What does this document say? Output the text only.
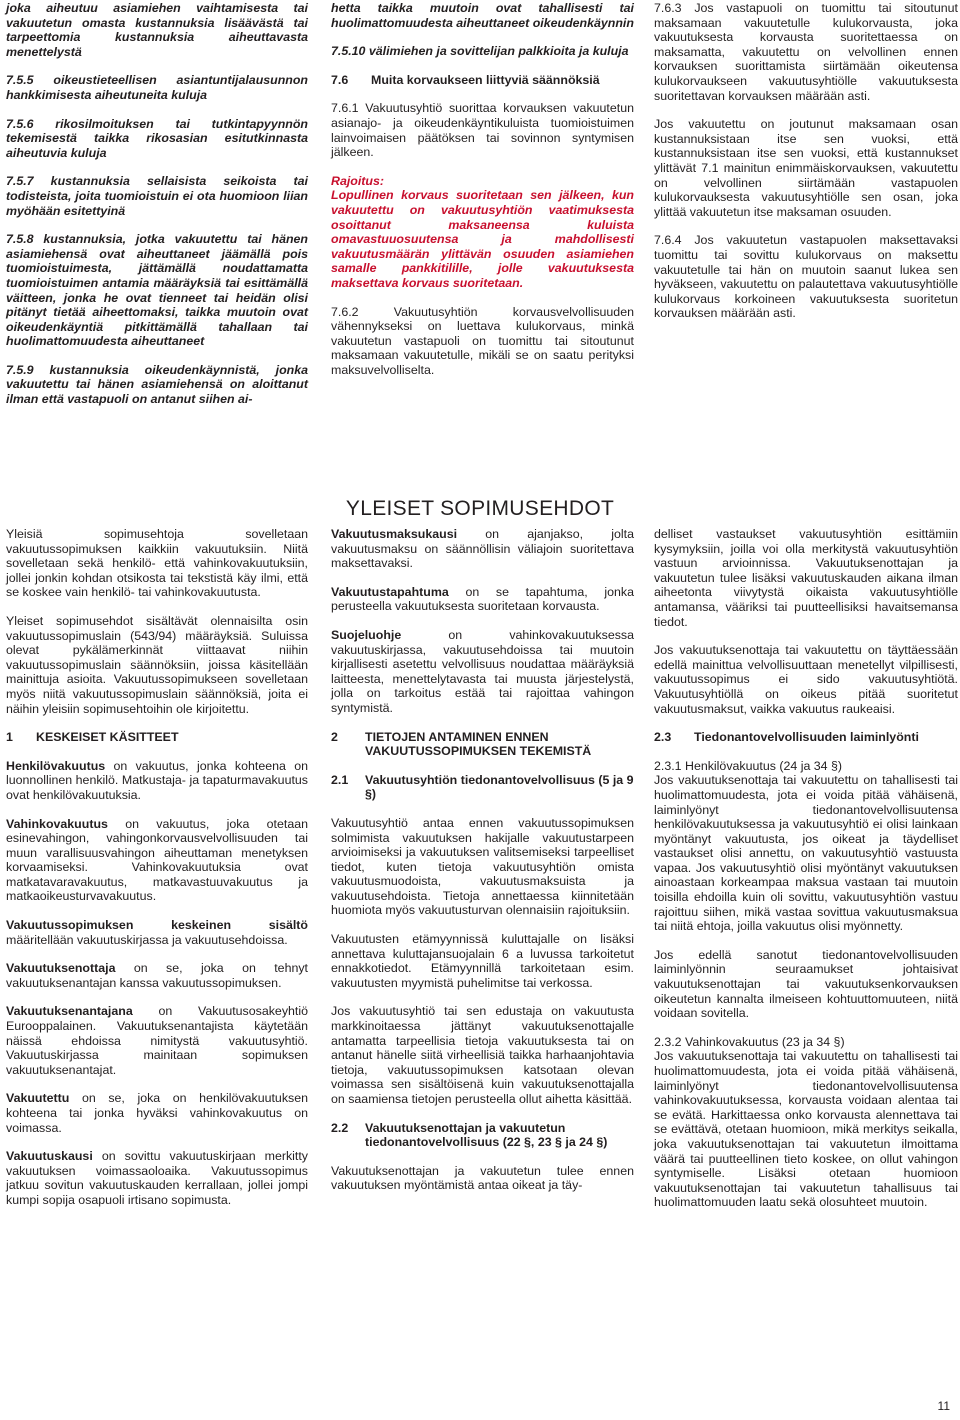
joka aiheutuu asiamiehen vaihtamisesta tai vakuutetun omasta kustannuksia lisäävästä tai tarpeettomia kustannuksia aiheuttavasta menettelystä

7.5.5 oikeustieteellisen asiantuntijalausunnon hankkimisesta aiheutuneita kuluja

7.5.6 rikosilmoituksen tai tutkintapyynnön tekemisestä taikka rikosasian esitutkinnasta aiheutuvia kuluja

7.5.7 kustannuksia sellaisista seikoista tai todisteista, joita tuomioistuin ei ota huomioon liian myöhään esitettyinä

7.5.8 kustannuksia, jotka vakuutettu tai hänen asiamiehensä ovat aiheuttaneet jäämällä pois tuomioistuimesta, jättämällä noudattamatta tuomioistuimen antamia määräyksiä tai esittämällä väitteen, jonka he ovat tienneet tai heidän olisi pitänyt tietää aiheettomaksi, taikka muutoin ovat oikeudenkäyntiä pitkittämällä tahallaan tai huolimattomuudesta aiheuttaneet

7.5.9 kustannuksia oikeudenkäynnistä, jonka vakuutettu tai hänen asiamiehensä on aloittanut ilman että vastapuoli on antanut siihen ai-

hetta taikka muutoin ovat tahallisesti tai huolimattomuudesta aiheuttaneet oikeudenkäynnin

7.5.10 välimiehen ja sovittelijan palkkioita ja kuluja

7.6	Muita korvaukseen liittyviä säännöksiä

7.6.1 Vakuutusyhtiö suorittaa korvauksen vakuutetun asianajo- ja oikeudenkäyntikuluista tuomioistuimen lainvoimaisen päätöksen tai sovinnon syntymisen jälkeen.

Rajoitus:
Lopullinen korvaus suoritetaan sen jälkeen, kun vakuutettu on vakuutusyhtiön vaatimuksesta osoittanut maksaneensa kuluista omavastuuosuutensa ja mahdollisesti vakuutusmäärän ylittävän osuuden asiamiehen samalle pankkitilille, jolle vakuutuksesta maksettava korvaus suoritetaan.

7.6.2 Vakuutusyhtiön korvausvelvollisuuden vähennykseksi on luettava kulukorvaus, minkä vakuutetun vastapuoli on tuomittu tai sitoutunut maksamaan vakuutetulle, mikäli se on saatu perityksi maksuvelvolliselta.

7.6.3 Jos vastapuoli on tuomittu tai sitoutunut maksamaan vakuutetulle kulukorvausta, joka vakuutuksesta korvausta suoritettaessa on maksamatta, vakuutettu on velvollinen ennen korvauksen suorittamista siirtämään oikeutensa kulukorvaukseen vakuutusyhtiölle vakuutuksesta suoritettavan korvauksen määrään asti.

Jos vakuutettu on joutunut maksamaan osan kustannuksistaan itse sen vuoksi, että kustannuksistaan itse sen vuoksi, että kustannukset ylittävät 7.1 mainitun enimmäiskorvauksen, vakuutettu on velvollinen siirtämään vastapuolen kulukorvauksesta vakuutusyhtiölle sen osan, joka ylittää vakuutetun itse maksaman osuuden.

7.6.4 Jos vakuutetun vastapuolen maksettavaksi tuomittu tai sovittu kulukorvaus on maksettu vakuutetulle tai hän on muutoin saanut lukea sen hyväkseen, vakuutettu on palautettava vakuutusyhtiölle kulukorvaus korkoineen vakuutuksesta suoritetun korvauksen määrään asti.

YLEISET SOPIMUSEHDOT

Yleisiä sopimusehtoja sovelletaan vakuutussopimuksen kaikkiin vakuutuksiin. Niitä sovelletaan sekä henkilö- että vahinkovakuutuksiin, jollei jonkin kohdan otsikosta tai tekstistä käy ilmi, että se koskee vain henkilö- tai vahinkovakuutusta.

Yleiset sopimusehdot sisältävät olennaisilta osin vakuutussopimuslain (543/94) määräyksiä. Suluissa olevat pykälämerkinnät viittaavat niihin vakuutussopimuslain säännöksiin, joissa käsitellään mainittuja asioita. Vakuutussopimukseen sovelletaan myös niitä vakuutussopimuslain säännöksiä, joita ei näihin yleisiin sopimusehtoihin ole kirjoitettu.

1	KESKEISET KÄSITTEET

Henkilövakuutus on vakuutus, jonka kohteena on luonnollinen henkilö. Matkustaja- ja tapaturmavakuutus ovat henkilövakuutuksia.

Vahinkovakuutus on vakuutus, joka otetaan esinevahingon, vahingonkorvausvelvollisuuden tai muun varallisuusvahingon aiheuttaman menetyksen korvaamiseksi. Vahinkovakuutuksia ovat matkatavaravakuutus, matkavastuuvakuutus ja matkaoikeusturvavakuutus.

Vakuutussopimuksen keskeinen sisältö määritellään vakuutuskirjassa ja vakuutusehdoissa.

Vakuutuksenottaja on se, joka on tehnyt vakuutuksenantajan kanssa vakuutussopimuksen.

Vakuutuksenantajana on Vakuutusosakeyhtiö Eurooppalainen. Vakuutuksenantajista käytetään näissä ehdoissa nimitystä vakuutusyhtiö. Vakuutuskirjassa mainitaan sopimuksen vakuutuksenantajat.

Vakuutettu on se, joka on henkilövakuutuksen kohteena tai jonka hyväksi vahinkovakuutus on voimassa.

Vakuutuskausi on sovittu vakuutuskirjaan merkitty vakuutuksen voimassaoloaika. Vakuutussopimus jatkuu sovitun vakuutuskauden kerrallaan, jollei jompi kumpi sopija osapuoli irtisano sopimusta.

Vakuutusmaksukausi on ajanjakso, jolta vakuutusmaksu on säännöllisin väliajoin suoritettava maksettavaksi.

Vakuutustapahtuma on se tapahtuma, jonka perusteella vakuutuksesta suoritetaan korvausta.

Suojeluohje on vahinkovakuutuksessa vakuutuskirjassa, vakuutusehdoissa tai muutoin kirjallisesti asetettu velvollisuus noudattaa määräyksiä laitteesta, menettelytavasta tai muusta järjestelystä, jolla on tarkoitus estää tai rajoittaa vahingon syntymistä.

2	TIETOJEN ANTAMINEN ENNEN VAKUUTUSSOPIMUKSEN TEKEMISTÄ
2.1	Vakuutusyhtiön tiedonantovelvollisuus (5 ja 9 §)

Vakuutusyhtiö antaa ennen vakuutussopimuksen solmimista vakuutuksen hakijalle vakuutustarpeen arvioimiseksi ja vakuutuksen valitsemiseksi tarpeelliset tiedot, kuten tietoja vakuutusyhtiön omista vakuutusmuodoista, vakuutusmaksuista ja vakuutusehdoista. Tietoja annettaessa kiinnitetään huomiota myös vakuutusturvan olennaisiin rajoituksiin.

Vakuutusten etämyynnissä kuluttajalle on lisäksi annettava kuluttajansuojalain 6 a luvussa tarkoitetut ennakkotiedot. Etämyynnillä tarkoitetaan esim. vakuutusten myymistä puhelimitse tai verkossa.

Jos vakuutusyhtiö tai sen edustaja on vakuutusta markkinoitaessa jättänyt vakuutuksenottajalle antamatta tarpeellisia tietoja vakuutuksesta tai on antanut hänelle siitä virheellisiä taikka harhaanjohtavia tietoja, vakuutussopimuksen katsotaan olevan voimassa sen sisältöisenä kuin vakuutuksenottajalla on saamiensa tietojen perusteella ollut aihetta käsittää.

2.2	Vakuutuksenottajan ja vakuutetun tiedonantovelvollisuus (22 §, 23 § ja 24 §)

Vakuutuksenottajan ja vakuutetun tulee ennen vakuutuksen myöntämistä antaa oikeat ja täy-

delliset vastaukset vakuutusyhtiön esittämiin kysymyksiin, joilla voi olla merkitystä vakuutusyhtiön vastuun arvioinnissa. Vakuutuksenottajan ja vakuutetun tulee lisäksi vakuutuskauden aikana ilman aiheetonta viivytystä oikaista vakuutusyhtiölle antamansa, vääriksi tai puutteellisiksi havaitsemansa tiedot.

Jos vakuutuksenottaja tai vakuutettu on täyttäessään edellä mainittua velvollisuuttaan menetellyt vilpillisesti, vakuutussopimus ei sido vakuutusyhtiötä. Vakuutusyhtiöllä on oikeus pitää suoritetut vakuutusmaksut, vaikka vakuutus raukeaisi.

2.3	Tiedonantovelvollisuuden laiminlyönti

2.3.1 Henkilövakuutus (24 ja 34 §)
Jos vakuutuksenottaja tai vakuutettu on tahallisesti tai huolimattomuudesta, jota ei voida pitää vähäisenä, laiminlyönyt tiedonantovelvollisuutensa henkilövakuutuksessa ja vakuutusyhtiö ei olisi lainkaan myöntänyt vakuutusta, jos oikeat ja täydelliset vastaukset olisi annettu, on vakuutusyhtiö vastuusta vapaa. Jos vakuutusyhtiö olisi myöntänyt vakuutuksen ainoastaan korkeampaa maksua vastaan tai muutoin toisilla ehdoilla kuin oli sovittu, vakuutusyhtiön vastuu rajoittuu siihen, mikä vastaa sovittua vakuutusmaksua tai niitä ehtoja, joilla vakuutus olisi myönnetty.

Jos edellä sanotut tiedonantovelvollisuuden laiminlyönnin seuraamukset johtaisivat vakuutuksenottajan tai vakuutuksenkorvauksen oikeutetun kannalta ilmeiseen kohtuuttomuuteen, niitä voidaan sovitella.

2.3.2 Vahinkovakuutus (23 ja 34 §)
Jos vakuutuksenottaja tai vakuutettu on tahallisesti tai huolimattomuudesta, jota ei voida pitää vähäisenä, laiminlyönyt tiedonantovelvollisuutensa vahinkovakuutuksessa, korvausta voidaan alentaa tai se evätä. Harkittaessa onko korvausta alennettava tai se evättävä, otetaan huomioon, mikä merkitys seikalla, joka vakuutuksenottajan tai vakuutetun ilmoittama väärä tai puutteellinen tieto koskee, on ollut vahingon syntymiselle. Lisäksi otetaan huomioon vakuutuksenottajan tai vakuutetun tahallisuus tai huolimattomuuden laatu sekä olosuhteet muutoin.

11
